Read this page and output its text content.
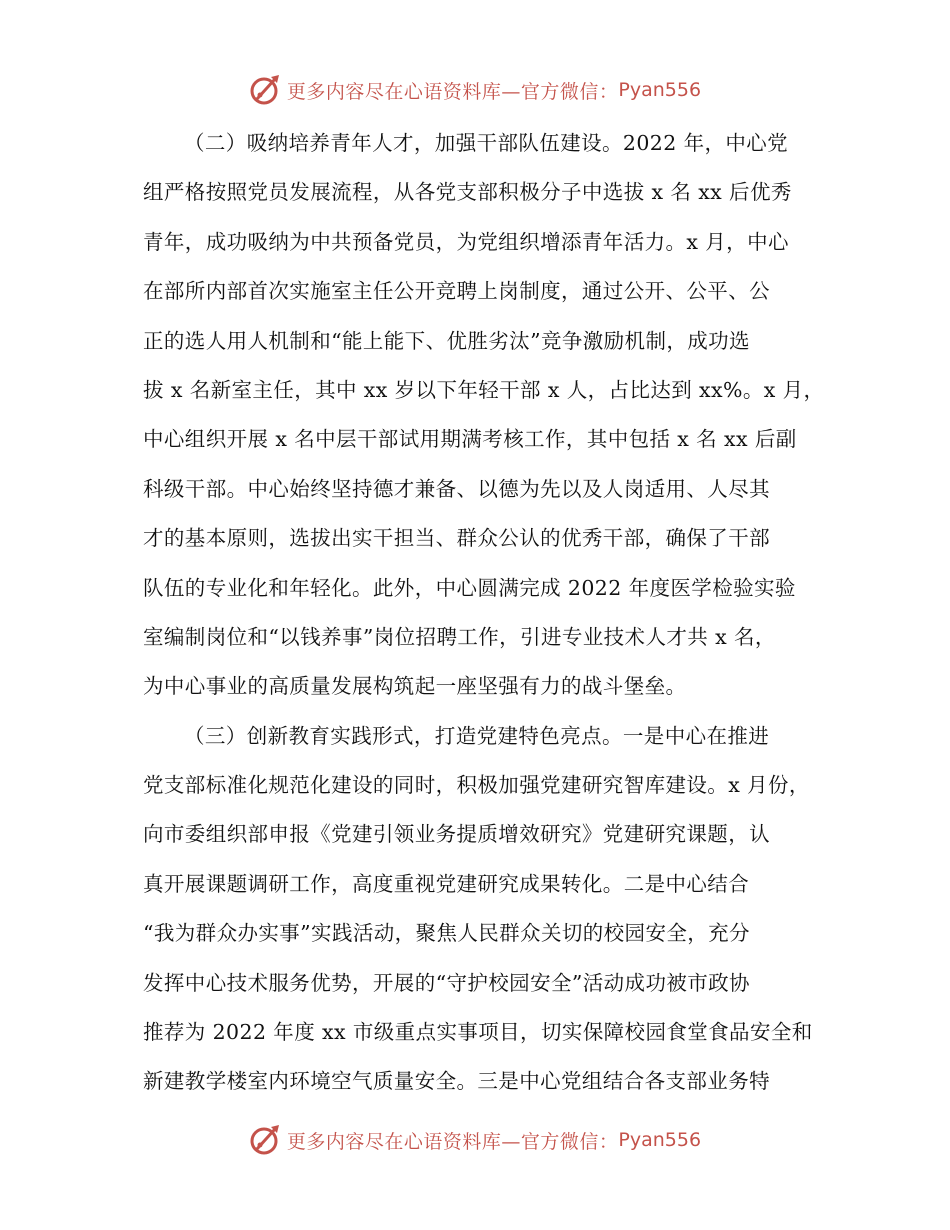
更多内容尽在心语资料库—官方微信： Pyan556
（二）吸纳培养青年人才，加强干部队伍建设。2022 年，中心党
组严格按照党员发展流程，从各党支部积极分子中选拔 x 名 xx 后优秀
青年，成功吸纳为中共预备党员，为党组织增添青年活力。x 月，中心
在部所内部首次实施室主任公开竞聘上岗制度，通过公开、公平、公
正的选人用人机制和“能上能下、优胜劣汰”竞争激励机制，成功选
拔 x 名新室主任，其中 xx 岁以下年轻干部 x 人，占比达到 xx%。x 月，
中心组织开展 x 名中层干部试用期满考核工作，其中包括 x 名 xx 后副
科级干部。中心始终坚持德才兼备、以德为先以及人岗适用、人尽其
才的基本原则，选拔出实干担当、群众公认的优秀干部，确保了干部
队伍的专业化和年轻化。此外，中心圆满完成 2022 年度医学检验实验
室编制岗位和“以钱养事”岗位招聘工作，引进专业技术人才共 x 名，
为中心事业的高质量发展构筑起一座坚强有力的战斗堡垒。
（三）创新教育实践形式，打造党建特色亮点。一是中心在推进
党支部标准化规范化建设的同时，积极加强党建研究智库建设。x 月份，
向市委组织部申报《党建引领业务提质增效研究》党建研究课题，认
真开展课题调研工作，高度重视党建研究成果转化。二是中心结合
“我为群众办实事”实践活动，聚焦人民群众关切的校园安全，充分
发挥中心技术服务优势，开展的“守护校园安全”活动成功被市政协
推荐为 2022 年度 xx 市级重点实事项目，切实保障校园食堂食品安全和
新建教学楼室内环境空气质量安全。三是中心党组结合各支部业务特
更多内容尽在心语资料库—官方微信： Pyan556
